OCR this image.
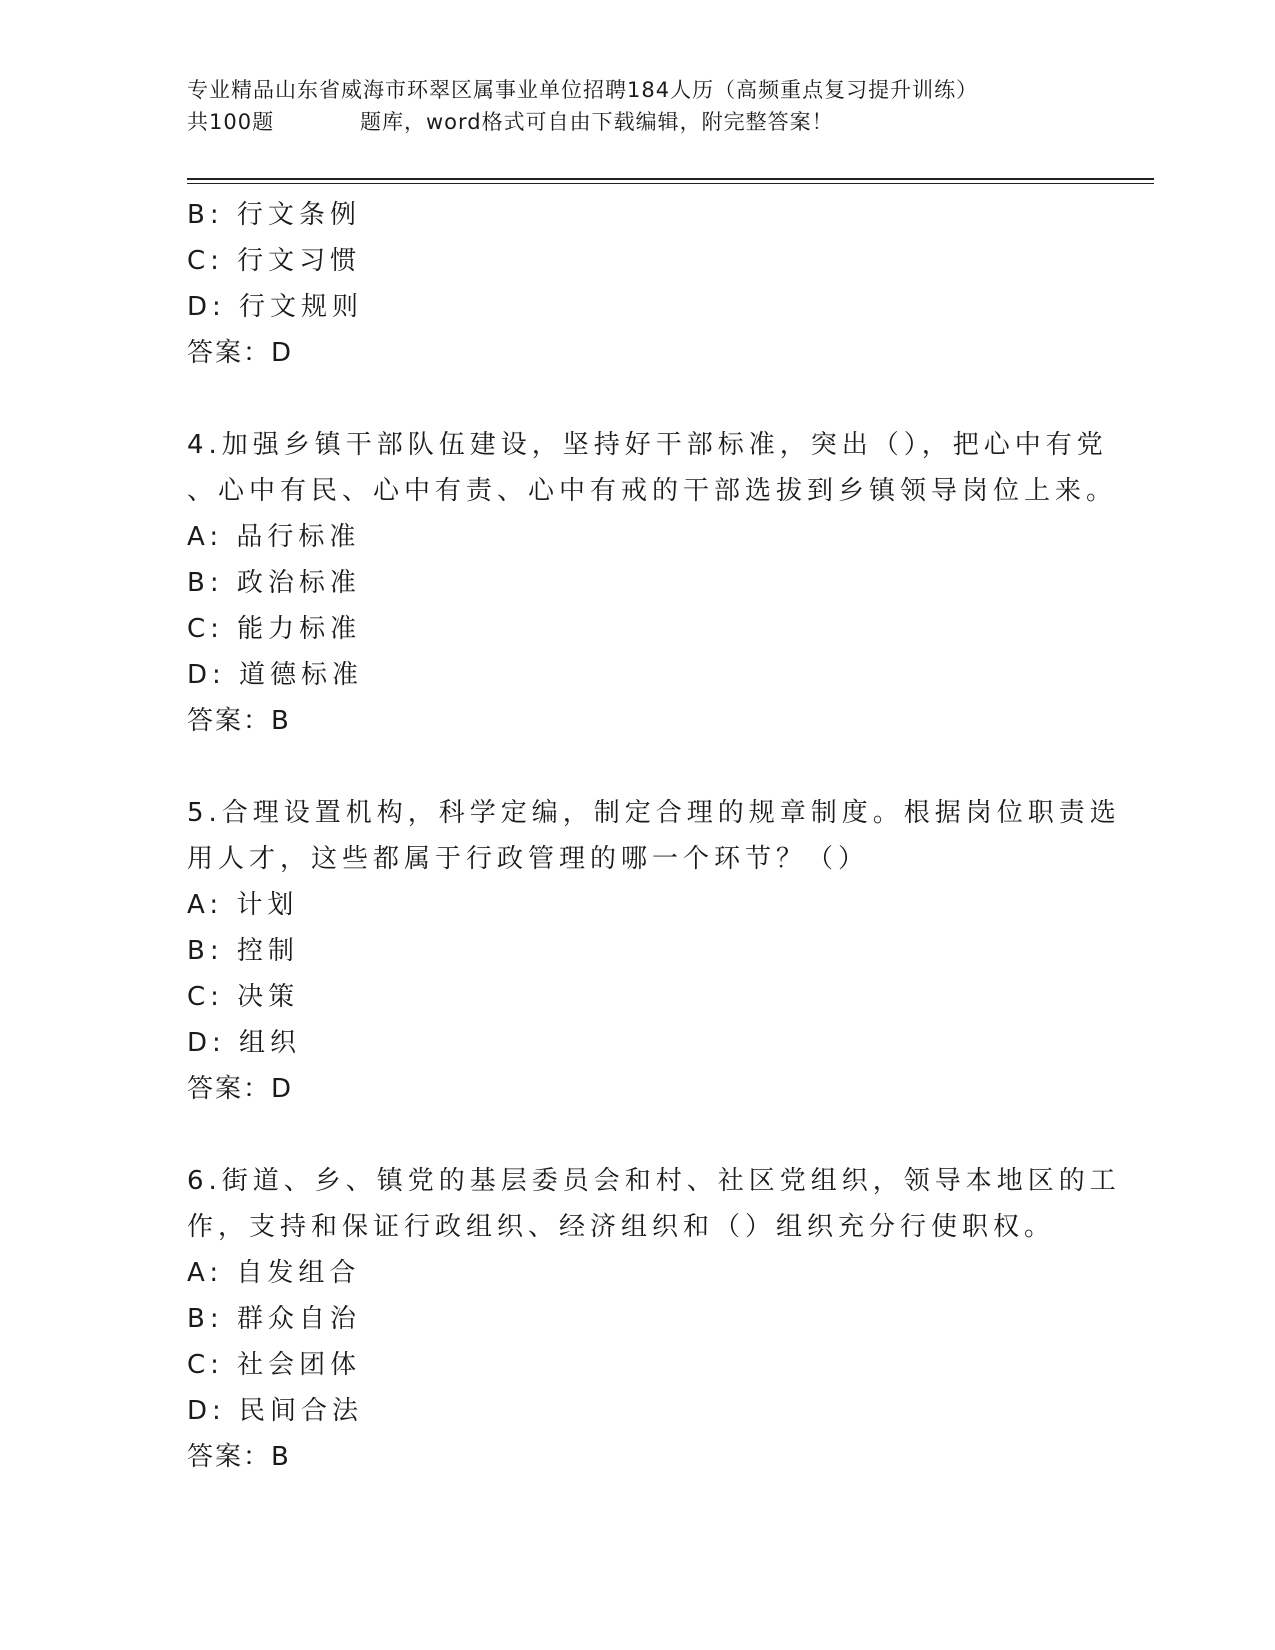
专业精品山东省威海市环翠区属事业单位招聘184人历（高频重点复习提升训练）
共100题	题库，word格式可自由下载编辑，附完整答案！
B: 行文条例
C: 行文习惯
D: 行文规则
答案：D
4.加强乡镇干部队伍建设，坚持好干部标准，突出（），把心中有党
、心中有民、心中有责、心中有戒的干部选拔到乡镇领导岗位上来。
A: 品行标准
B: 政治标准
C: 能力标准
D: 道德标准
答案：B
5.合理设置机构，科学定编，制定合理的规章制度。根据岗位职责选
用人才，这些都属于行政管理的哪一个环节？（）
A: 计划
B: 控制
C: 决策
D: 组织
答案：D
6.街道、乡、镇党的基层委员会和村、社区党组织，领导本地区的工
作，支持和保证行政组织、经济组织和（）组织充分行使职权。
A: 自发组合
B: 群众自治
C: 社会团体
D: 民间合法
答案：B
